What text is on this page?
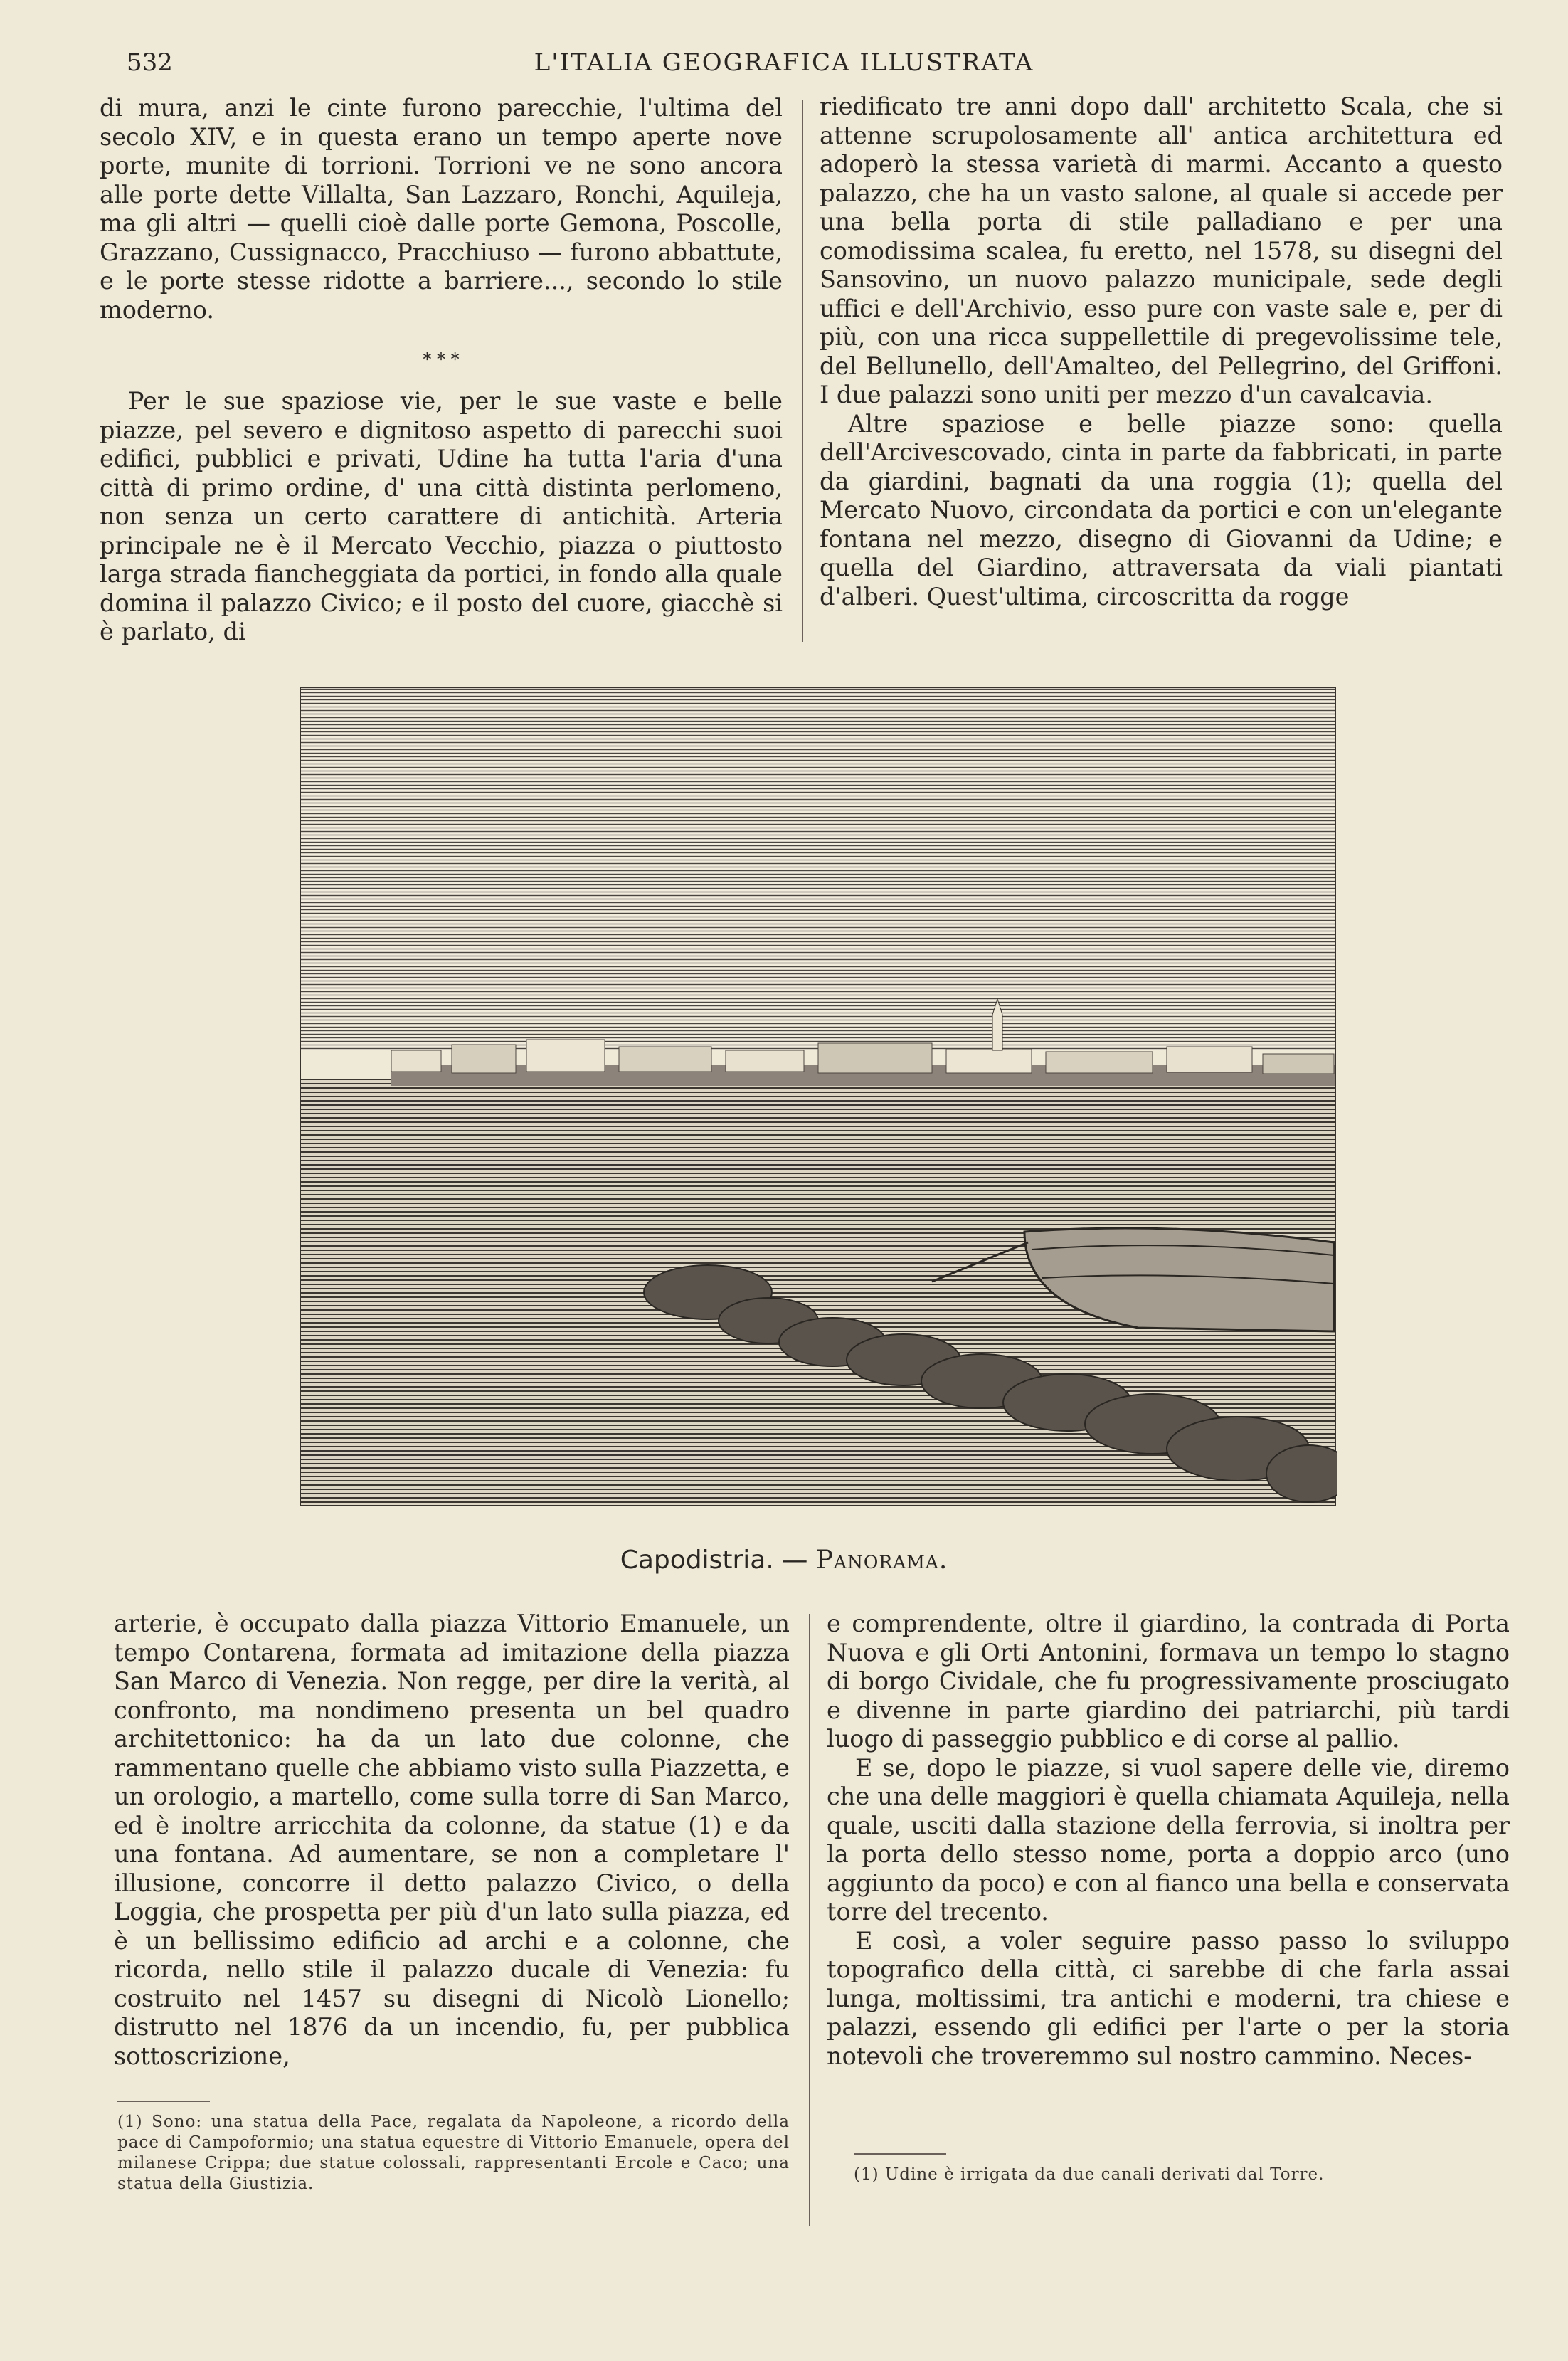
532	L'ITALIA GEOGRAFICA ILLUSTRATA

di mura, anzi le cinte furono parecchie, l'ultima del secolo XIV, e in questa erano un tempo aperte nove porte, munite di torrioni. Torrioni ve ne sono ancora alle porte dette Villalta, San Lazzaro, Ronchi, Aquileja, ma gli altri — quelli cioè dalle porte Gemona, Poscolle, Grazzano, Cussignacco, Pracchiuso — furono abbattute, e le porte stesse ridotte a barriere..., secondo lo stile moderno.

* * *

Per le sue spaziose vie, per le sue vaste e belle piazze, pel severo e dignitoso aspetto di parecchi suoi edifici, pubblici e privati, Udine ha tutta l'aria d'una città di primo ordine, d' una città distinta perlomeno, non senza un certo carattere di antichità. Arteria principale ne è il Mercato Vecchio, piazza o piuttosto larga strada fiancheggiata da portici, in fondo alla quale domina il palazzo Civico; e il posto del cuore, giacchè si è parlato, di

riedificato tre anni dopo dall' architetto Scala, che si attenne scrupolosamente all' antica architettura ed adoperò la stessa varietà di marmi. Accanto a questo palazzo, che ha un vasto salone, al quale si accede per una bella porta di stile palladiano e per una comodissima scalea, fu eretto, nel 1578, su disegni del Sansovino, un nuovo palazzo municipale, sede degli uffici e dell'Archivio, esso pure con vaste sale e, per di più, con una ricca suppellettile di pregevolissime tele, del Bellunello, dell'Amalteo, del Pellegrino, del Griffoni. I due palazzi sono uniti per mezzo d'un cavalcavia.

Altre spaziose e belle piazze sono: quella dell'Arcivescovado, cinta in parte da fabbricati, in parte da giardini, bagnati da una roggia (1); quella del Mercato Nuovo, circondata da portici e con un'elegante fontana nel mezzo, disegno di Giovanni da Udine; e quella del Giardino, attraversata da viali piantati d'alberi. Quest'ultima, circoscritta da rogge

Capodistria. — Panorama.

arterie, è occupato dalla piazza Vittorio Emanuele, un tempo Contarena, formata ad imitazione della piazza San Marco di Venezia. Non regge, per dire la verità, al confronto, ma nondimeno presenta un bel quadro architettonico: ha da un lato due colonne, che rammentano quelle che abbiamo visto sulla Piazzetta, e un orologio, a martello, come sulla torre di San Marco, ed è inoltre arricchita da colonne, da statue (1) e da una fontana. Ad aumentare, se non a completare l' illusione, concorre il detto palazzo Civico, o della Loggia, che prospetta per più d'un lato sulla piazza, ed è un bellissimo edificio ad archi e a colonne, che ricorda, nello stile il palazzo ducale di Venezia: fu costruito nel 1457 su disegni di Nicolò Lionello; distrutto nel 1876 da un incendio, fu, per pubblica sottoscrizione,

e comprendente, oltre il giardino, la contrada di Porta Nuova e gli Orti Antonini, formava un tempo lo stagno di borgo Cividale, che fu progressivamente prosciugato e divenne in parte giardino dei patriarchi, più tardi luogo di passeggio pubblico e di corse al pallio.

E se, dopo le piazze, si vuol sapere delle vie, diremo che una delle maggiori è quella chiamata Aquileja, nella quale, usciti dalla stazione della ferrovia, si inoltra per la porta dello stesso nome, porta a doppio arco (uno aggiunto da poco) e con al fianco una bella e conservata torre del trecento.

E così, a voler seguire passo passo lo sviluppo topografico della città, ci sarebbe di che farla assai lunga, moltissimi, tra antichi e moderni, tra chiese e palazzi, essendo gli edifici per l'arte o per la storia notevoli che troveremmo sul nostro cammino. Neces-

(1) Sono: una statua della Pace, regalata da Napoleone, a ricordo della pace di Campoformio; una statua equestre di Vittorio Emanuele, opera del milanese Crippa; due statue colossali, rappresentanti Ercole e Caco; una statua della Giustizia.	(1) Udine è irrigata da due canali derivati dal Torre.
